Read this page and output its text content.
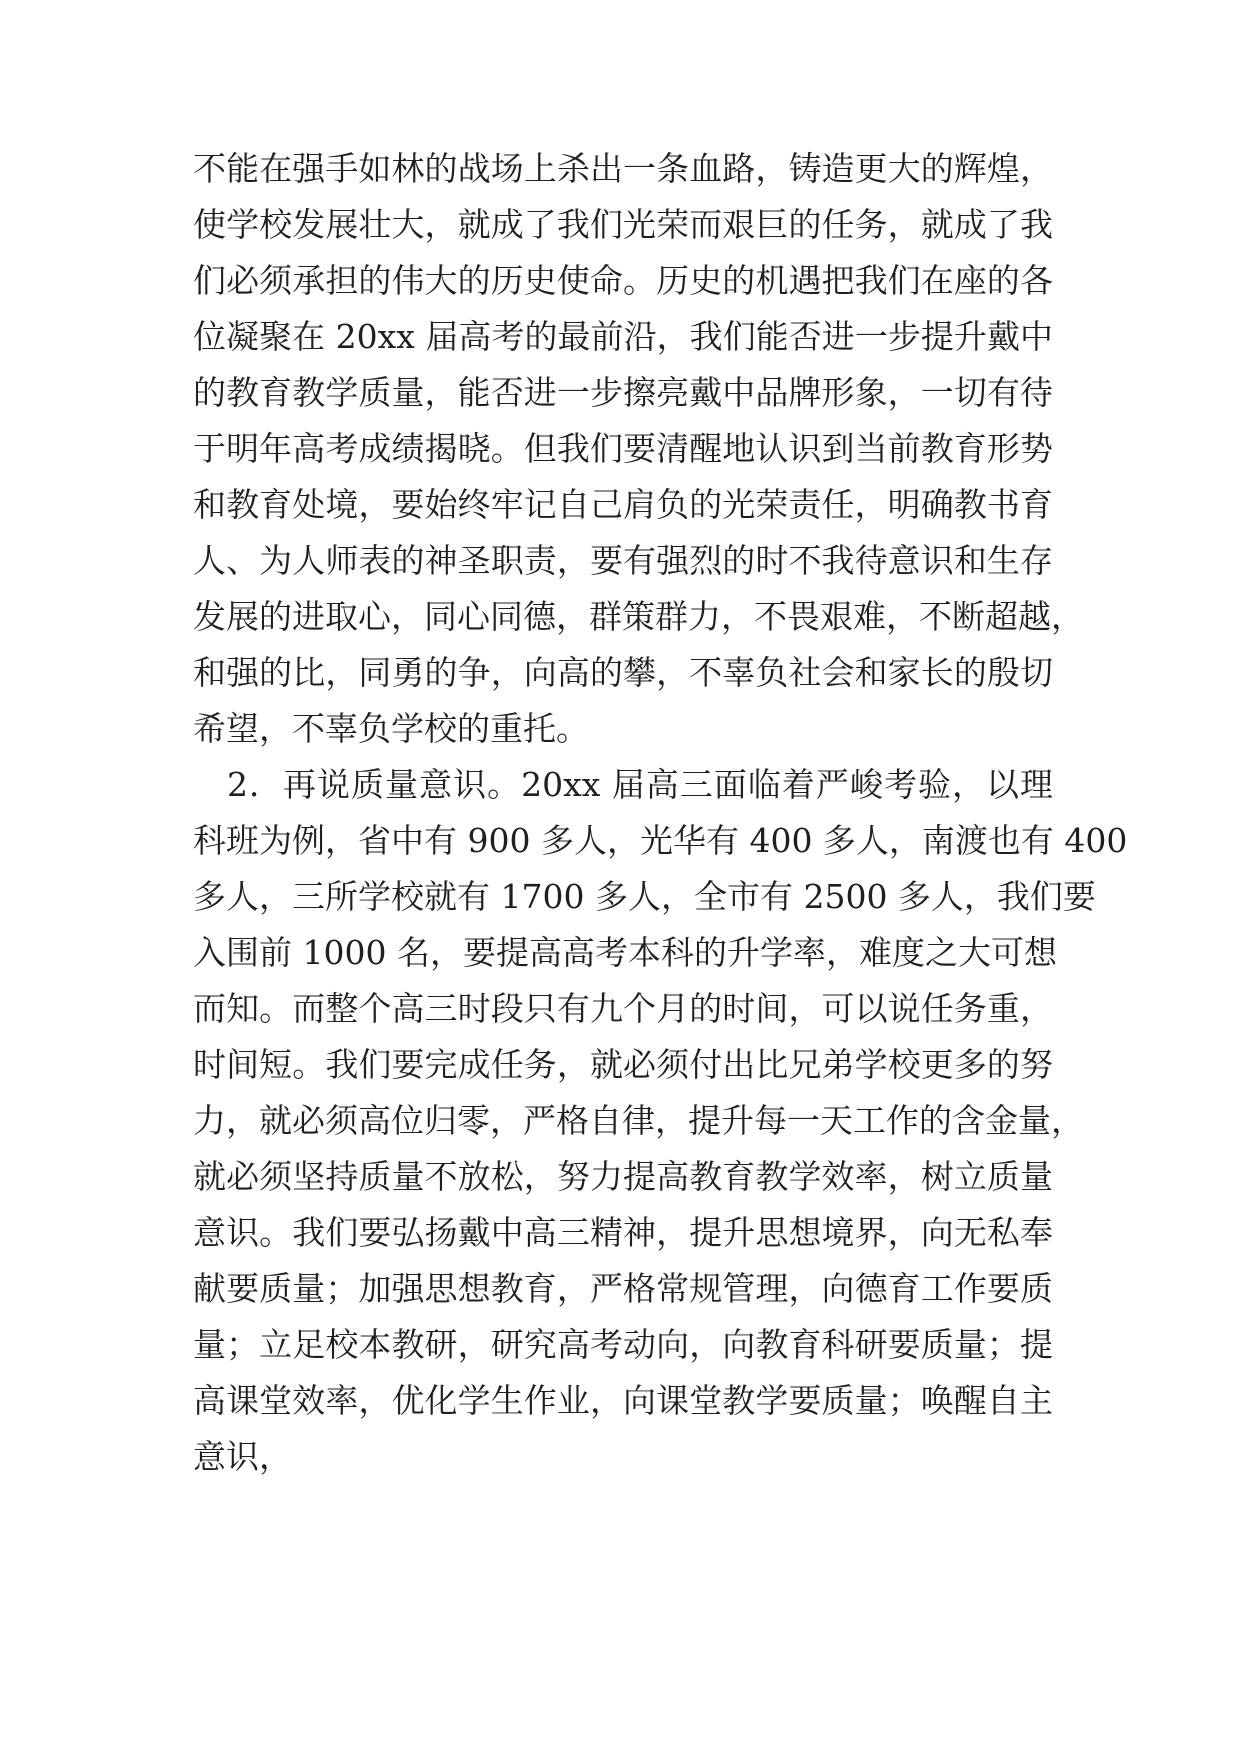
不能在强手如林的战场上杀出一条血路，铸造更大的辉煌，
使学校发展壮大，就成了我们光荣而艰巨的任务，就成了我
们必须承担的伟大的历史使命。历史的机遇把我们在座的各
位凝聚在 20xx 届高考的最前沿，我们能否进一步提升戴中
的教育教学质量，能否进一步擦亮戴中品牌形象，一切有待
于明年高考成绩揭晓。但我们要清醒地认识到当前教育形势
和教育处境，要始终牢记自己肩负的光荣责任，明确教书育
人、为人师表的神圣职责，要有强烈的时不我待意识和生存
发展的进取心，同心同德，群策群力，不畏艰难，不断超越，
和强的比，同勇的争，向高的攀，不辜负社会和家长的殷切
希望，不辜负学校的重托。
　2．再说质量意识。20xx 届高三面临着严峻考验，以理
科班为例，省中有 900 多人，光华有 400 多人，南渡也有 400
多人，三所学校就有 1700 多人，全市有 2500 多人，我们要
入围前 1000 名，要提高高考本科的升学率，难度之大可想
而知。而整个高三时段只有九个月的时间，可以说任务重，
时间短。我们要完成任务，就必须付出比兄弟学校更多的努
力，就必须高位归零，严格自律，提升每一天工作的含金量，
就必须坚持质量不放松，努力提高教育教学效率，树立质量
意识。我们要弘扬戴中高三精神，提升思想境界，向无私奉
献要质量；加强思想教育，严格常规管理，向德育工作要质
量；立足校本教研，研究高考动向，向教育科研要质量；提
高课堂效率，优化学生作业，向课堂教学要质量；唤醒自主
意识，
